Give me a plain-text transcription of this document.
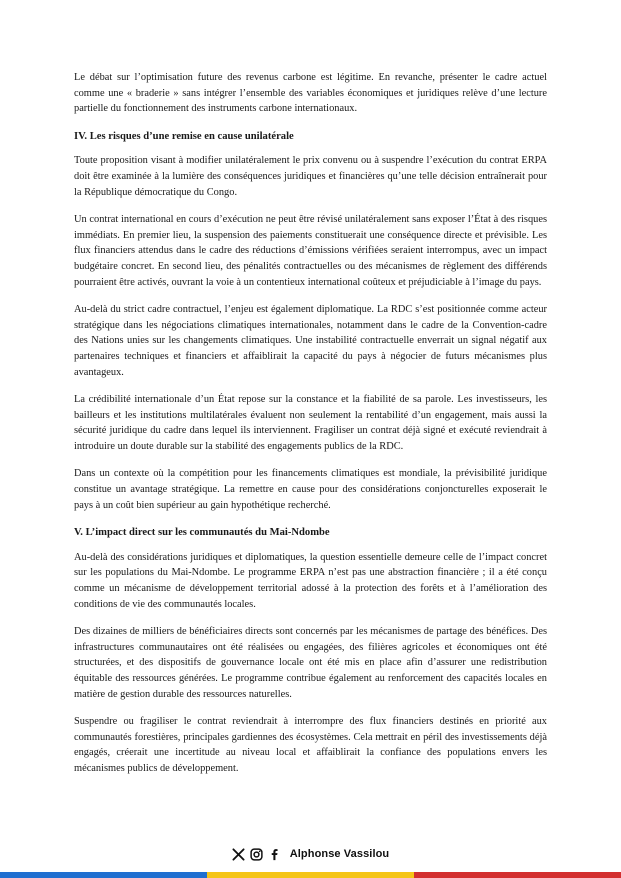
Le débat sur l’optimisation future des revenus carbone est légitime. En revanche, présenter le cadre actuel comme une « braderie » sans intégrer l’ensemble des variables économiques et juridiques relève d’une lecture partielle du fonctionnement des instruments carbone internationaux.

IV. Les risques d’une remise en cause unilatérale

Toute proposition visant à modifier unilatéralement le prix convenu ou à suspendre l’exécution du contrat ERPA doit être examinée à la lumière des conséquences juridiques et financières qu’une telle décision entraînerait pour la République démocratique du Congo.

Un contrat international en cours d’exécution ne peut être révisé unilatéralement sans exposer l’État à des risques immédiats. En premier lieu, la suspension des paiements constituerait une conséquence directe et prévisible. Les flux financiers attendus dans le cadre des réductions d’émissions vérifiées seraient interrompus, avec un impact budgétaire concret. En second lieu, des pénalités contractuelles ou des mécanismes de règlement des différends pourraient être activés, ouvrant la voie à un contentieux international coûteux et préjudiciable à l’image du pays.

Au-delà du strict cadre contractuel, l’enjeu est également diplomatique. La RDC s’est positionnée comme acteur stratégique dans les négociations climatiques internationales, notamment dans le cadre de la Convention-cadre des Nations unies sur les changements climatiques. Une instabilité contractuelle enverrait un signal négatif aux partenaires techniques et financiers et affaiblirait la capacité du pays à négocier de futurs mécanismes plus avantageux.

La crédibilité internationale d’un État repose sur la constance et la fiabilité de sa parole. Les investisseurs, les bailleurs et les institutions multilatérales évaluent non seulement la rentabilité d’un engagement, mais aussi la sécurité juridique du cadre dans lequel ils interviennent. Fragiliser un contrat déjà signé et exécuté reviendrait à introduire un doute durable sur la stabilité des engagements publics de la RDC.

Dans un contexte où la compétition pour les financements climatiques est mondiale, la prévisibilité juridique constitue un avantage stratégique. La remettre en cause pour des considérations conjoncturelles exposerait le pays à un coût bien supérieur au gain hypothétique recherché.

V. L’impact direct sur les communautés du Mai-Ndombe

Au-delà des considérations juridiques et diplomatiques, la question essentielle demeure celle de l’impact concret sur les populations du Mai-Ndombe. Le programme ERPA n’est pas une abstraction financière ; il a été conçu comme un mécanisme de développement territorial adossé à la protection des forêts et à l’amélioration des conditions de vie des communautés locales.

Des dizaines de milliers de bénéficiaires directs sont concernés par les mécanismes de partage des bénéfices. Des infrastructures communautaires ont été réalisées ou engagées, des filières agricoles et économiques ont été structurées, et des dispositifs de gouvernance locale ont été mis en place afin d’assurer une redistribution équitable des ressources générées. Le programme contribue également au renforcement des capacités locales en matière de gestion durable des ressources naturelles.

Suspendre ou fragiliser le contrat reviendrait à interrompre des flux financiers destinés en priorité aux communautés forestières, principales gardiennes des écosystèmes. Cela mettrait en péril des investissements déjà engagés, créerait une incertitude au niveau local et affaiblirait la confiance des populations envers les mécanismes publics de développement.

Alphonse Vassilou
